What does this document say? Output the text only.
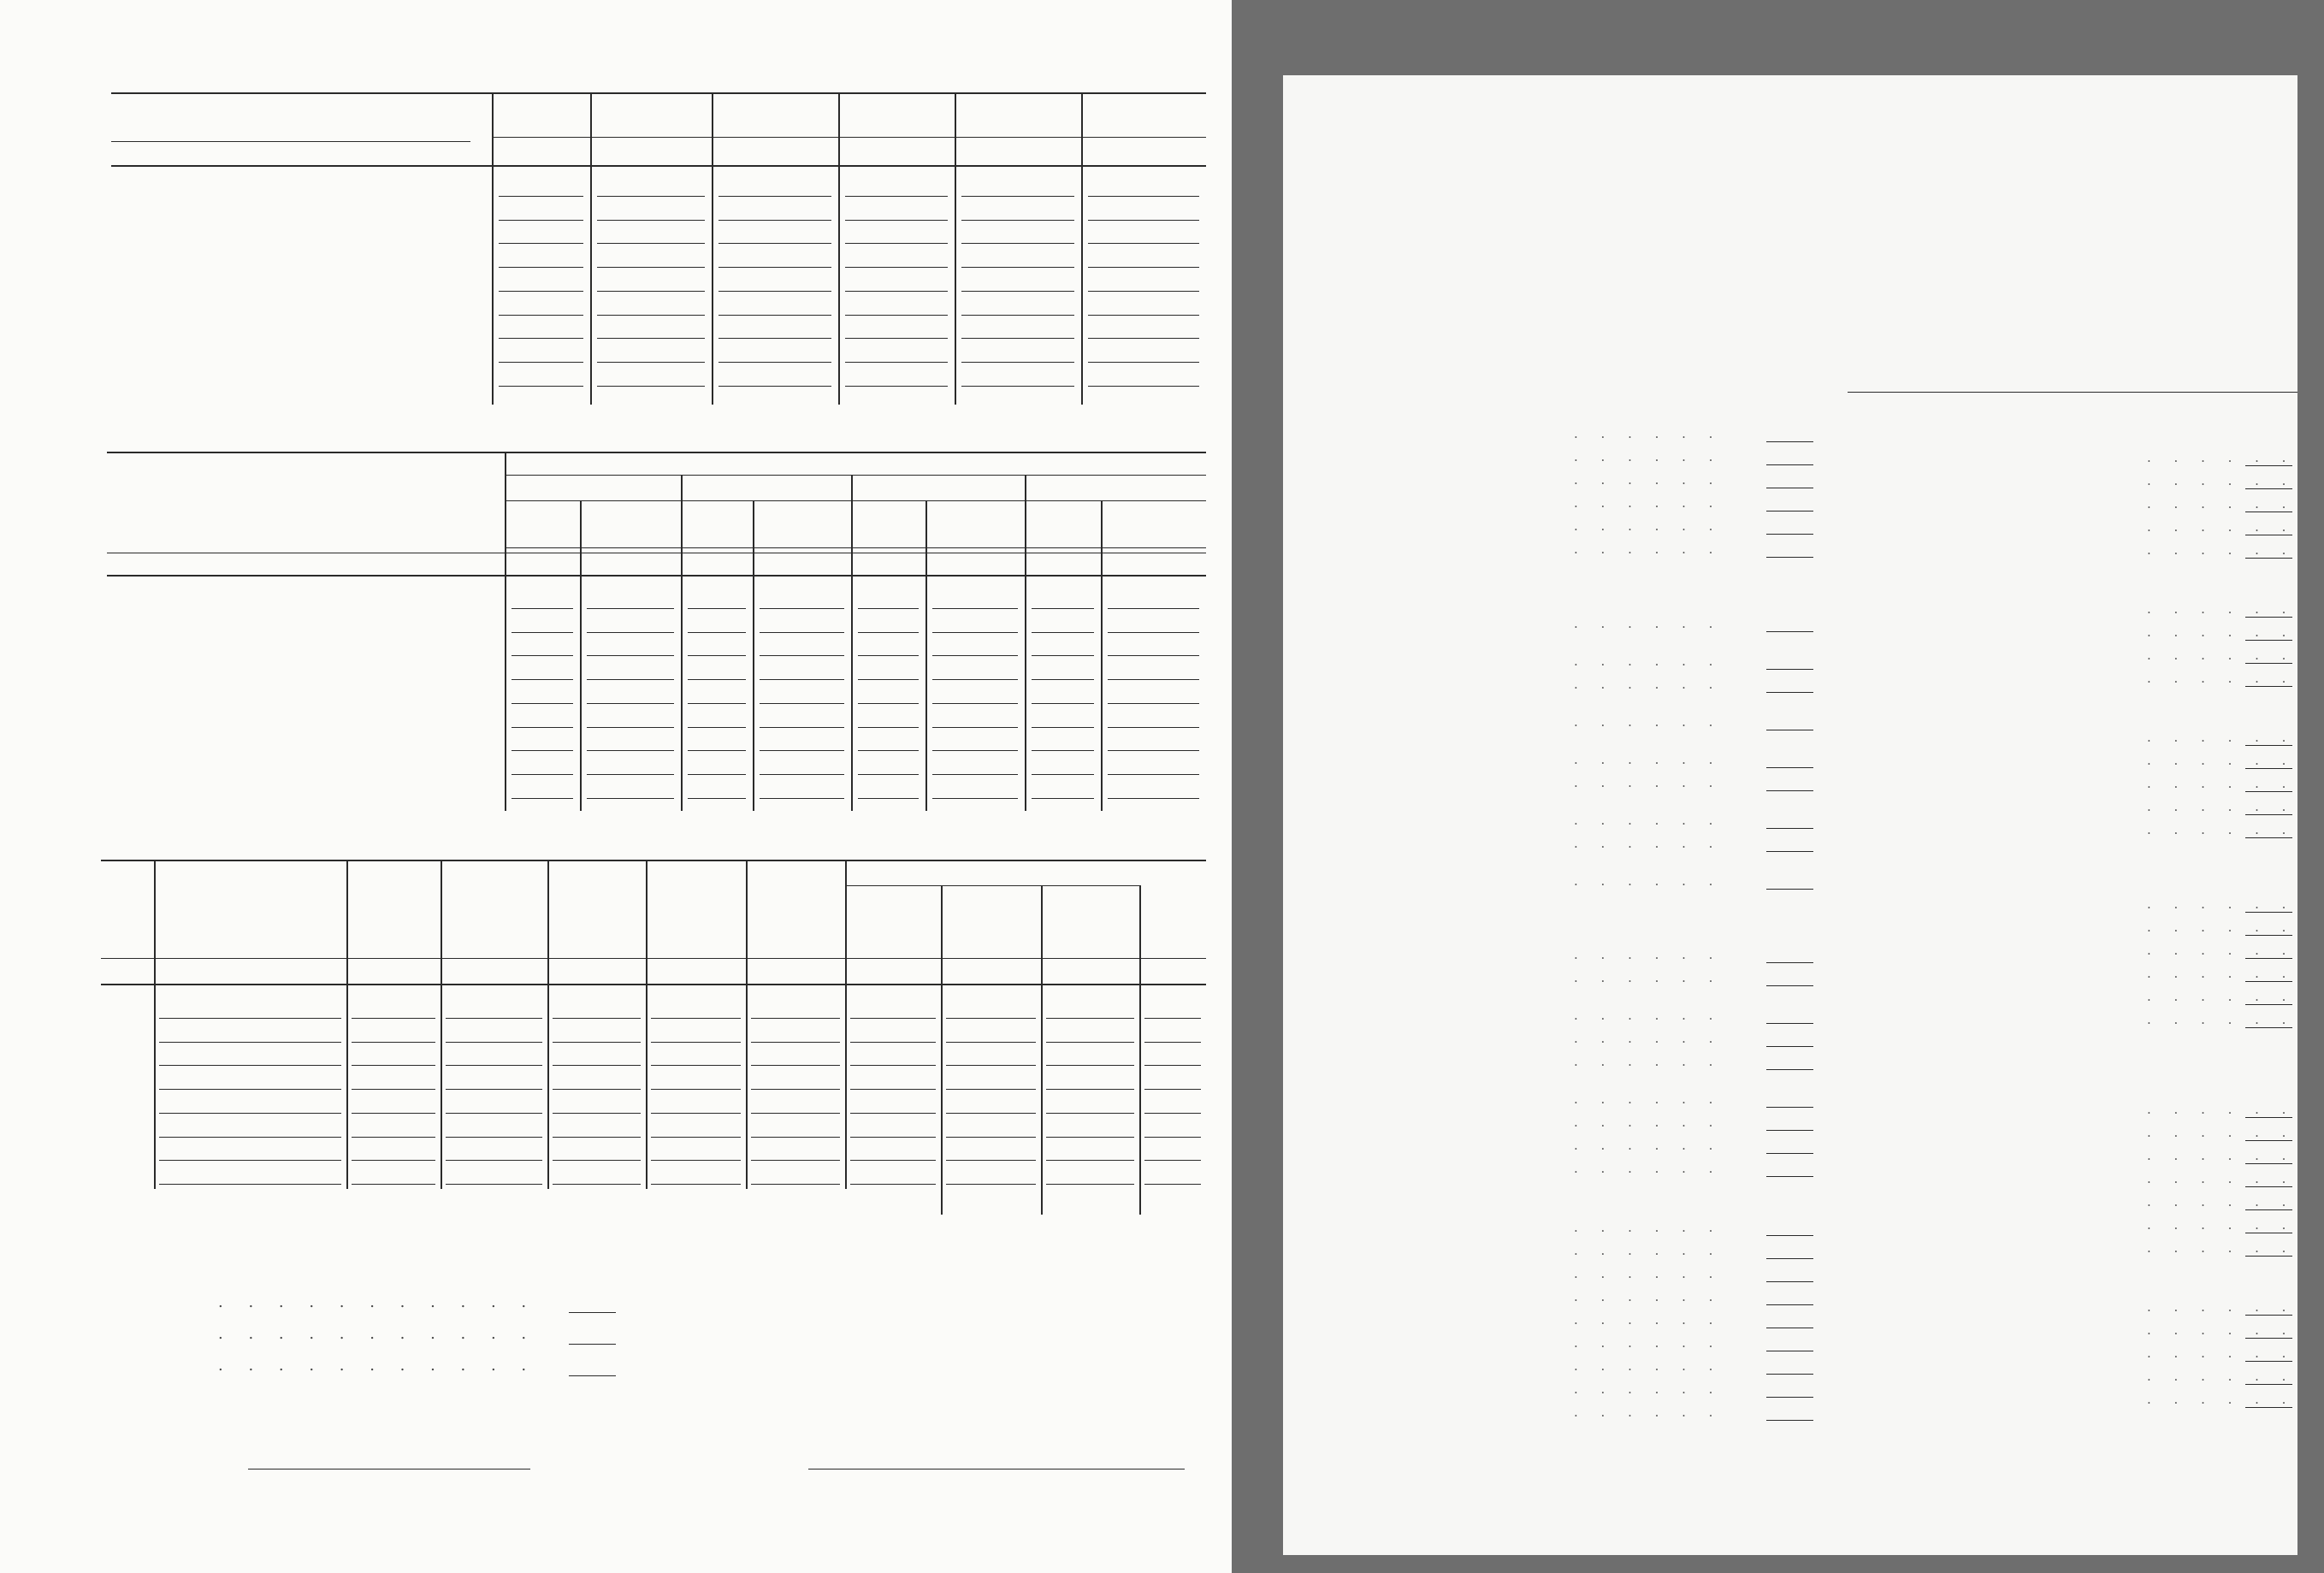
. . . . . . . . . . .
. . . . . . . . . . .
. . . . . . . . . . .
. . . . . .
. . . . . .
. . . . . .
. . . . . .
. . . . . .
. . . . . .
. . . . . .
. . . . . .
. . . . . .
. . . . . .
. . . . . .
. . . . . .
. . . . . .
. . . . . .
. . . . . .
. . . . . .
. . . . . .
. . . . . .
. . . . . .
. . . . . .
. . . . . .
. . . . . .
. . . . . .
. . . . . .
. . . . . .
. . . . . .
. . . . . .
. . . . . .
. . . . . .
. . . . . .
. . . . . .
. . . . . .
. . . . . .
. . . . . .
. . . . . .
. . . . . .
. . . . . .
. . . . . .
. . . . . .
. . . . . .
. . . . . .
. . . . . .
. . . . . .
. . . . . .
. . . . . .
. . . . . .
. . . . . .
. . . . . .
. . . . . .
. . . . . .
. . . . . .
. . . . . .
. . . . . .
. . . . . .
. . . . . .
. . . . . .
. . . . . .
. . . . . .
. . . . . .
. . . . . .
. . . . . .
. . . . . .
. . . . . .
. . . . . .
. . . . . .
